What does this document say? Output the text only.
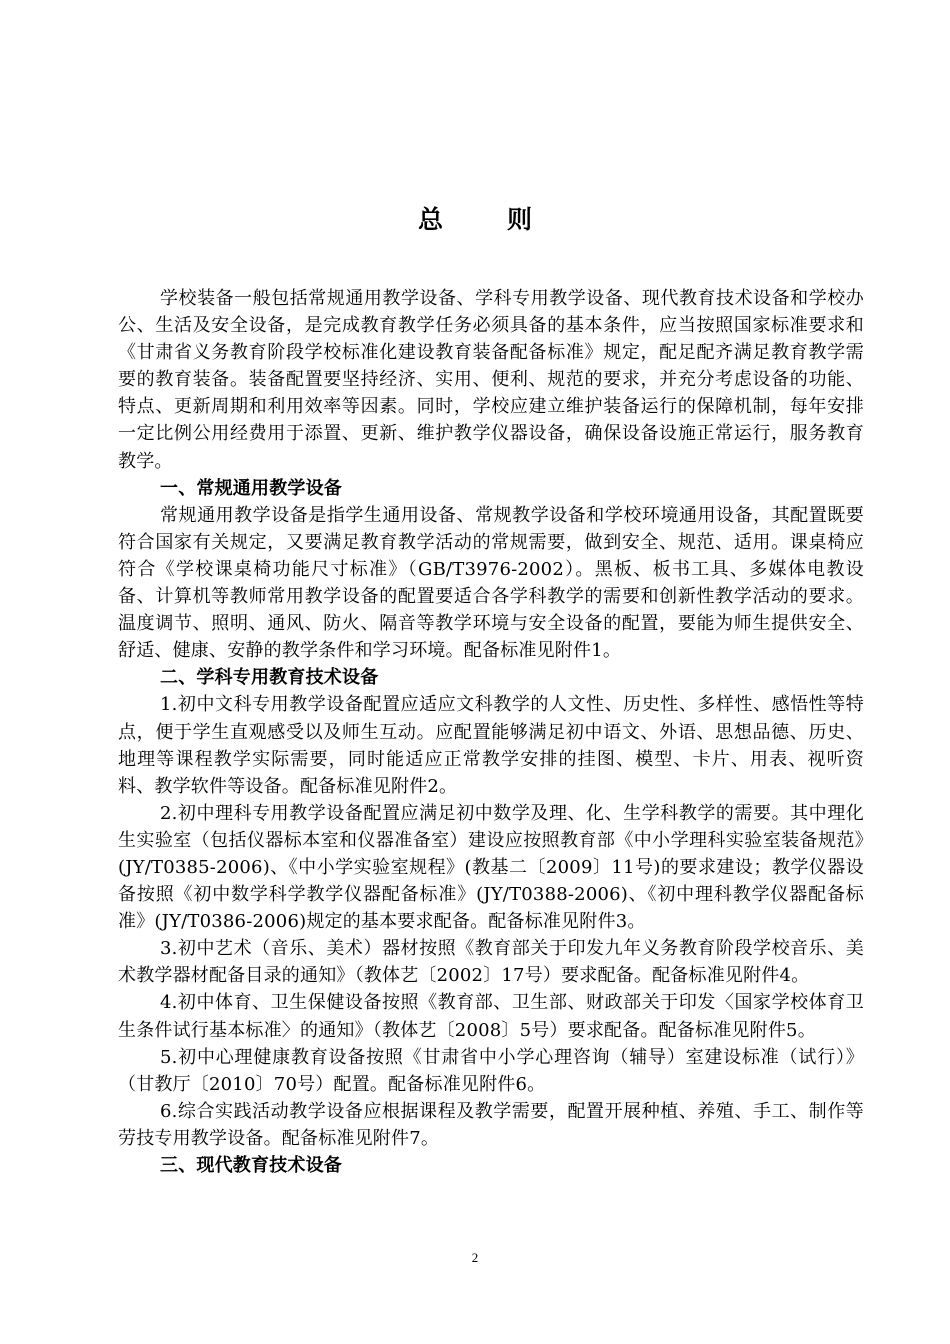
总	则

学校装备一般包括常规通用教学设备、学科专用教学设备、现代教育技术设备和学校办公、生活及安全设备，是完成教育教学任务必须具备的基本条件，应当按照国家标准要求和《甘肃省义务教育阶段学校标准化建设教育装备配备标准》规定，配足配齐满足教育教学需要的教育装备。装备配置要坚持经济、实用、便利、规范的要求，并充分考虑设备的功能、特点、更新周期和利用效率等因素。同时，学校应建立维护装备运行的保障机制，每年安排一定比例公用经费用于添置、更新、维护教学仪器设备，确保设备设施正常运行，服务教育教学。

一、常规通用教学设备

常规通用教学设备是指学生通用设备、常规教学设备和学校环境通用设备，其配置既要符合国家有关规定，又要满足教育教学活动的常规需要，做到安全、规范、适用。课桌椅应符合《学校课桌椅功能尺寸标准》（GB/T3976-2002）。黑板、板书工具、多媒体电教设备、计算机等教师常用教学设备的配置要适合各学科教学的需要和创新性教学活动的要求。温度调节、照明、通风、防火、隔音等教学环境与安全设备的配置，要能为师生提供安全、舒适、健康、安静的教学条件和学习环境。配备标准见附件1。

二、学科专用教育技术设备

1.初中文科专用教学设备配置应适应文科教学的人文性、历史性、多样性、感悟性等特点，便于学生直观感受以及师生互动。应配置能够满足初中语文、外语、思想品德、历史、地理等课程教学实际需要，同时能适应正常教学安排的挂图、模型、卡片、用表、视听资料、教学软件等设备。配备标准见附件2。

2.初中理科专用教学设备配置应满足初中数学及理、化、生学科教学的需要。其中理化生实验室（包括仪器标本室和仪器准备室）建设应按照教育部《中小学理科实验室装备规范》(JY/T0385-2006)、《中小学实验室规程》(教基二〔2009〕11号)的要求建设；教学仪器设备按照《初中数学科学教学仪器配备标准》(JY/T0388-2006)、《初中理科教学仪器配备标准》(JY/T0386-2006)规定的基本要求配备。配备标准见附件3。

3.初中艺术（音乐、美术）器材按照《教育部关于印发九年义务教育阶段学校音乐、美术教学器材配备目录的通知》（教体艺〔2002〕17号）要求配备。配备标准见附件4。

4.初中体育、卫生保健设备按照《教育部、卫生部、财政部关于印发〈国家学校体育卫生条件试行基本标准〉的通知》（教体艺〔2008〕5号）要求配备。配备标准见附件5。

5.初中心理健康教育设备按照《甘肃省中小学心理咨询（辅导）室建设标准（试行）》（甘教厅〔2010〕70号）配置。配备标准见附件6。

6.综合实践活动教学设备应根据课程及教学需要，配置开展种植、养殖、手工、制作等劳技专用教学设备。配备标准见附件7。

三、现代教育技术设备
2
